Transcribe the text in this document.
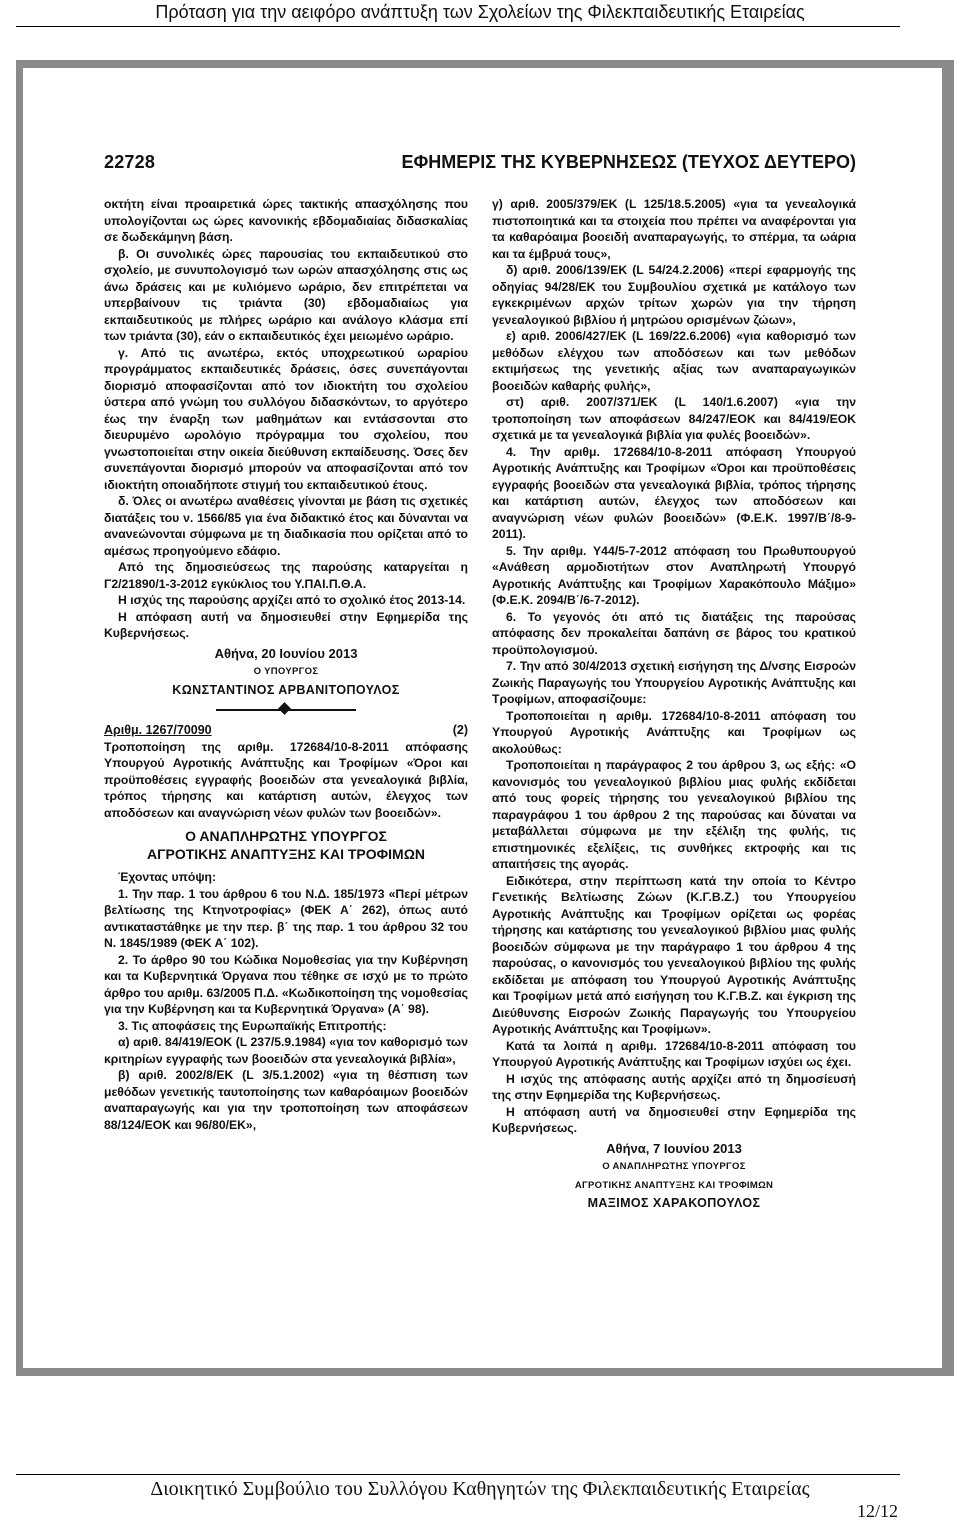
Πρόταση για την αειφόρο ανάπτυξη των Σχολείων της Φιλεκπαιδευτικής Εταιρείας
22728	ΕΦΗΜΕΡΙΣ ΤΗΣ ΚΥΒΕΡΝΗΣΕΩΣ (ΤΕΥΧΟΣ ΔΕΥΤΕΡΟ)

οκτήτη είναι προαιρετικά ώρες τακτικής απασχόλησης που υπολογίζονται ως ώρες κανονικής εβδομαδιαίας διδασκαλίας σε δωδεκάμηνη βάση.

β. Οι συνολικές ώρες παρουσίας του εκπαιδευτικού στο σχολείο, με συνυπολογισμό των ωρών απασχόλησης στις ως άνω δράσεις και με κυλιόμενο ωράριο, δεν επιτρέπεται να υπερβαίνουν τις τριάντα (30) εβδομαδιαίως για εκπαιδευτικούς με πλήρες ωράριο και ανάλογο κλάσμα επί των τριάντα (30), εάν ο εκπαιδευτικός έχει μειωμένο ωράριο.

γ. Από τις ανωτέρω, εκτός υποχρεωτικού ωραρίου προγράμματος εκπαιδευτικές δράσεις, όσες συνεπάγονται διορισμό αποφασίζονται από τον ιδιοκτήτη του σχολείου ύστερα από γνώμη του συλλόγου διδασκόντων, το αργότερο έως την έναρξη των μαθημάτων και εντάσσονται στο διευρυμένο ωρολόγιο πρόγραμμα του σχολείου, που γνωστοποιείται στην οικεία διεύθυνση εκπαίδευσης. Όσες δεν συνεπάγονται διορισμό μπορούν να αποφασίζονται από τον ιδιοκτήτη οποιαδήποτε στιγμή του εκπαιδευτικού έτους.

δ. Όλες οι ανωτέρω αναθέσεις γίνονται με βάση τις σχετικές διατάξεις του ν. 1566/85 για ένα διδακτικό έτος και δύνανται να ανανεώνονται σύμφωνα με τη διαδικασία που ορίζεται από το αμέσως προηγούμενο εδάφιο.

Από της δημοσιεύσεως της παρούσης καταργείται η Γ2/21890/1-3-2012 εγκύκλιος του Υ.ΠΑΙ.Π.Θ.Α.

Η ισχύς της παρούσης αρχίζει από το σχολικό έτος 2013-14.

Η απόφαση αυτή να δημοσιευθεί στην Εφημερίδα της Κυβερνήσεως.

Αθήνα, 20 Ιουνίου 2013
Ο ΥΠΟΥΡΓΟΣ
ΚΩΝΣΤΑΝΤΙΝΟΣ ΑΡΒΑΝΙΤΟΠΟΥΛΟΣ
Αριθμ. 1267/70090	(2)

Τροποποίηση της αριθμ. 172684/10-8-2011 απόφασης Υπουργού Αγροτικής Ανάπτυξης και Τροφίμων «Όροι και προϋποθέσεις εγγραφής βοοειδών στα γενεαλογικά βιβλία, τρόπος τήρησης και κατάρτιση αυτών, έλεγχος των αποδόσεων και αναγνώριση νέων φυλών των βοοειδών».

Ο ΑΝΑΠΛΗΡΩΤΗΣ ΥΠΟΥΡΓΟΣ
ΑΓΡΟΤΙΚΗΣ ΑΝΑΠΤΥΞΗΣ ΚΑΙ ΤΡΟΦΙΜΩΝ

Έχοντας υπόψη:

1. Την παρ. 1 του άρθρου 6 του Ν.Δ. 185/1973 «Περί μέτρων βελτίωσης της Κτηνοτροφίας» (ΦΕΚ Α΄ 262), όπως αυτό αντικαταστάθηκε με την περ. β΄ της παρ. 1 του άρθρου 32 του Ν. 1845/1989 (ΦΕΚ Α΄ 102).

2. Το άρθρο 90 του Κώδικα Νομοθεσίας για την Κυβέρνηση και τα Κυβερνητικά Όργανα που τέθηκε σε ισχύ με το πρώτο άρθρο του αριθμ. 63/2005 Π.Δ. «Κωδικοποίηση της νομοθεσίας για την Κυβέρνηση και τα Κυβερνητικά Όργανα» (Α΄ 98).

3. Τις αποφάσεις της Ευρωπαϊκής Επιτροπής:

α) αριθ. 84/419/ΕΟΚ (L 237/5.9.1984) «για τον καθορισμό των κριτηρίων εγγραφής των βοοειδών στα γενεαλογικά βιβλία»,

β) αριθ. 2002/8/ΕΚ (L 3/5.1.2002) «για τη θέσπιση των μεθόδων γενετικής ταυτοποίησης των καθαρόαιμων βοοειδών αναπαραγωγής και για την τροποποίηση των αποφάσεων 88/124/ΕΟΚ και 96/80/ΕΚ»,

γ) αριθ. 2005/379/ΕΚ (L 125/18.5.2005) «για τα γενεαλογικά πιστοποιητικά και τα στοιχεία που πρέπει να αναφέρονται για τα καθαρόαιμα βοοειδή αναπαραγωγής, το σπέρμα, τα ωάρια και τα έμβρυά τους»,

δ) αριθ. 2006/139/ΕΚ (L 54/24.2.2006) «περί εφαρμογής της οδηγίας 94/28/ΕΚ του Συμβουλίου σχετικά με κατάλογο των εγκεκριμένων αρχών τρίτων χωρών για την τήρηση γενεαλογικού βιβλίου ή μητρώου ορισμένων ζώων»,

ε) αριθ. 2006/427/ΕΚ (L 169/22.6.2006) «για καθορισμό των μεθόδων ελέγχου των αποδόσεων και των μεθόδων εκτιμήσεως της γενετικής αξίας των αναπαραγωγικών βοοειδών καθαρής φυλής»,

στ) αριθ. 2007/371/ΕΚ (L 140/1.6.2007) «για την τροποποίηση των αποφάσεων 84/247/ΕΟΚ και 84/419/ΕΟΚ σχετικά με τα γενεαλογικά βιβλία για φυλές βοοειδών».

4. Την αριθμ. 172684/10-8-2011 απόφαση Υπουργού Αγροτικής Ανάπτυξης και Τροφίμων «Όροι και προϋποθέσεις εγγραφής βοοειδών στα γενεαλογικά βιβλία, τρόπος τήρησης και κατάρτιση αυτών, έλεγχος των αποδόσεων και αναγνώριση νέων φυλών βοοειδών» (Φ.Ε.Κ. 1997/Β΄/8-9-2011).

5. Την αριθμ. Υ44/5-7-2012 απόφαση του Πρωθυπουργού «Ανάθεση αρμοδιοτήτων στον Αναπληρωτή Υπουργό Αγροτικής Ανάπτυξης και Τροφίμων Χαρακόπουλο Μάξιμο» (Φ.Ε.Κ. 2094/Β΄/6-7-2012).

6. Το γεγονός ότι από τις διατάξεις της παρούσας απόφασης δεν προκαλείται δαπάνη σε βάρος του κρατικού προϋπολογισμού.

7. Την από 30/4/2013 σχετική εισήγηση της Δ/νσης Εισροών Ζωικής Παραγωγής του Υπουργείου Αγροτικής Ανάπτυξης και Τροφίμων, αποφασίζουμε:

Τροποποιείται η αριθμ. 172684/10-8-2011 απόφαση του Υπουργού Αγροτικής Ανάπτυξης και Τροφίμων ως ακολούθως:

Τροποποιείται η παράγραφος 2 του άρθρου 3, ως εξής: «Ο κανονισμός του γενεαλογικού βιβλίου μιας φυλής εκδίδεται από τους φορείς τήρησης του γενεαλογικού βιβλίου της παραγράφου 1 του άρθρου 2 της παρούσας και δύναται να μεταβάλλεται σύμφωνα με την εξέλιξη της φυλής, τις επιστημονικές εξελίξεις, τις συνθήκες εκτροφής και τις απαιτήσεις της αγοράς.

Ειδικότερα, στην περίπτωση κατά την οποία το Κέντρο Γενετικής Βελτίωσης Ζώων (Κ.Γ.Β.Ζ.) του Υπουργείου Αγροτικής Ανάπτυξης και Τροφίμων ορίζεται ως φορέας τήρησης και κατάρτισης του γενεαλογικού βιβλίου μιας φυλής βοοειδών σύμφωνα με την παράγραφο 1 του άρθρου 4 της παρούσας, ο κανονισμός του γενεαλογικού βιβλίου της φυλής εκδίδεται με απόφαση του Υπουργού Αγροτικής Ανάπτυξης και Τροφίμων μετά από εισήγηση του Κ.Γ.Β.Ζ. και έγκριση της Διεύθυνσης Εισροών Ζωικής Παραγωγής του Υπουργείου Αγροτικής Ανάπτυξης και Τροφίμων».

Κατά τα λοιπά η αριθμ. 172684/10-8-2011 απόφαση του Υπουργού Αγροτικής Ανάπτυξης και Τροφίμων ισχύει ως έχει.

Η ισχύς της απόφασης αυτής αρχίζει από τη δημοσίευσή της στην Εφημερίδα της Κυβερνήσεως.

Η απόφαση αυτή να δημοσιευθεί στην Εφημερίδα της Κυβερνήσεως.

Αθήνα, 7 Ιουνίου 2013
Ο ΑΝΑΠΛΗΡΩΤΗΣ ΥΠΟΥΡΓΟΣ
ΑΓΡΟΤΙΚΗΣ ΑΝΑΠΤΥΞΗΣ ΚΑΙ ΤΡΟΦΙΜΩΝ
ΜΑΞΙΜΟΣ ΧΑΡΑΚΟΠΟΥΛΟΣ
Διοικητικό Συμβούλιο του Συλλόγου Καθηγητών της Φιλεκπαιδευτικής Εταιρείας
12/12
